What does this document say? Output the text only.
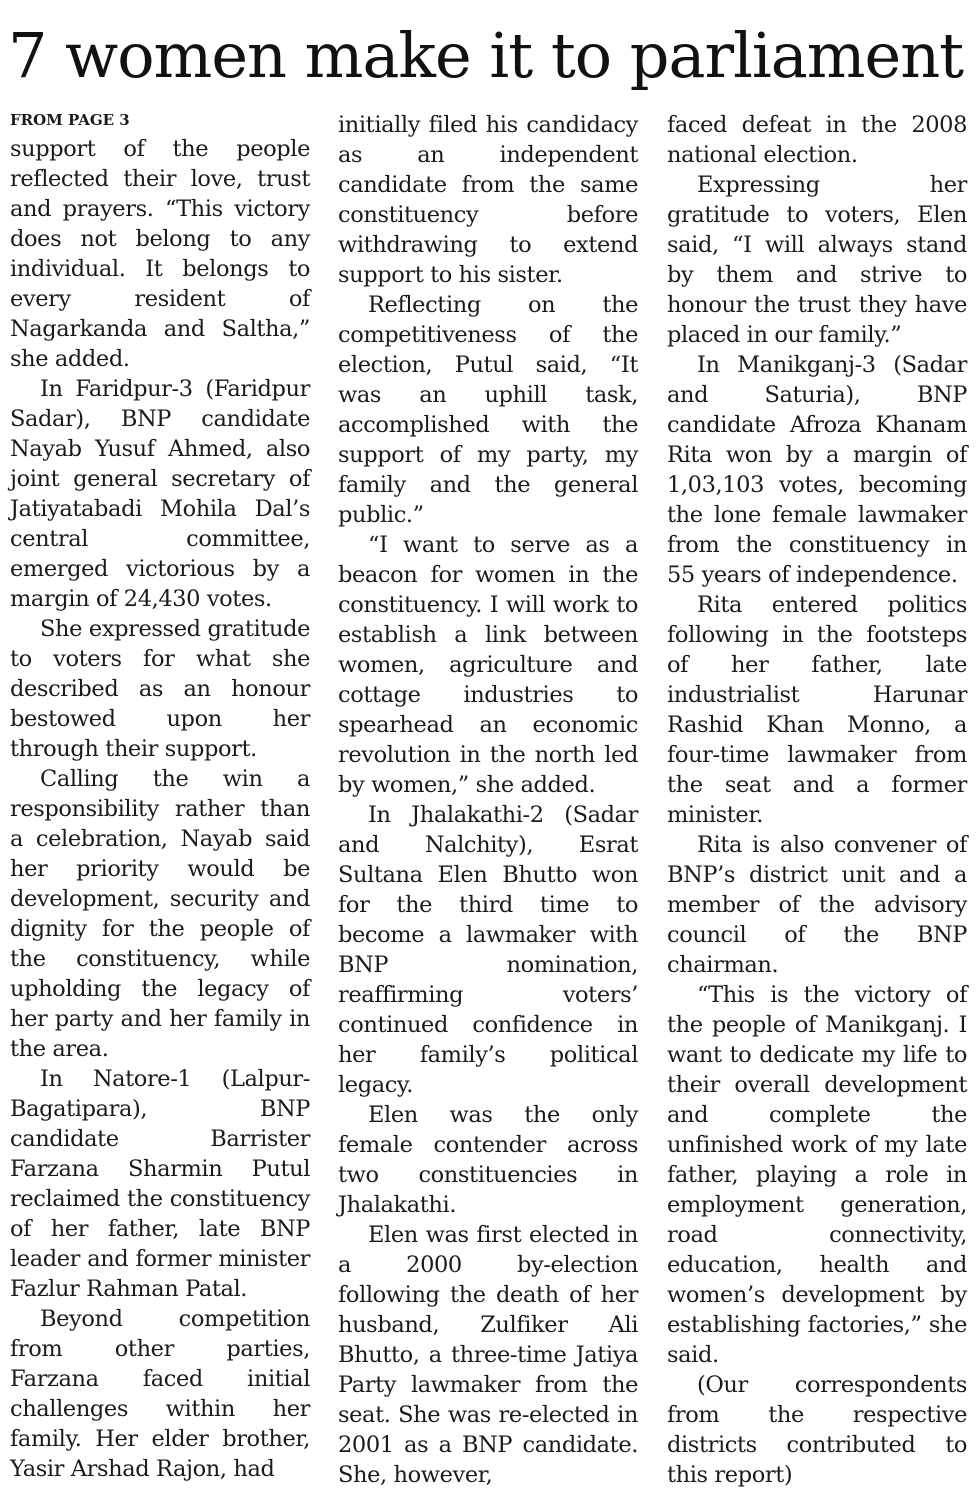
7 women make it to parliament
FROM PAGE 3

support of the people reflected their love, trust and prayers. “This victory does not belong to any individual. It belongs to every resident of Nagarkanda and Saltha,” she added.

In Faridpur-3 (Faridpur Sadar), BNP candidate Nayab Yusuf Ahmed, also joint general secretary of Jatiyatabadi Mohila Dal’s central committee, emerged victorious by a margin of 24,430 votes.

She expressed gratitude to voters for what she described as an honour bestowed upon her through their support.

Calling the win a responsibility rather than a celebration, Nayab said her priority would be development, security and dignity for the people of the constituency, while upholding the legacy of her party and her family in the area.

In Natore-1 (Lalpur-Bagatipara), BNP candidate Barrister Farzana Sharmin Putul reclaimed the constituency of her father, late BNP leader and former minister Fazlur Rahman Patal.

Beyond competition from other parties, Farzana faced initial challenges within her family. Her elder brother, Yasir Arshad Rajon, had

initially filed his candidacy as an independent candidate from the same constituency before withdrawing to extend support to his sister.

Reflecting on the competitiveness of the election, Putul said, “It was an uphill task, accomplished with the support of my party, my family and the general public.”

“I want to serve as a beacon for women in the constituency. I will work to establish a link between women, agriculture and cottage industries to spearhead an economic revolution in the north led by women,” she added.

In Jhalakathi-2 (Sadar and Nalchity), Esrat Sultana Elen Bhutto won for the third time to become a lawmaker with BNP nomination, reaffirming voters’ continued confidence in her family’s political legacy.

Elen was the only female contender across two constituencies in Jhalakathi.

Elen was first elected in a 2000 by-election following the death of her husband, Zulfiker Ali Bhutto, a three-time Jatiya Party lawmaker from the seat. She was re-elected in 2001 as a BNP candidate. She, however,

faced defeat in the 2008 national election.

Expressing her gratitude to voters, Elen said, “I will always stand by them and strive to honour the trust they have placed in our family.”

In Manikganj-3 (Sadar and Saturia), BNP candidate Afroza Khanam Rita won by a margin of 1,03,103 votes, becoming the lone female lawmaker from the constituency in 55 years of independence.

Rita entered politics following in the footsteps of her father, late industrialist Harunar Rashid Khan Monno, a four-time lawmaker from the seat and a former minister.

Rita is also convener of BNP’s district unit and a member of the advisory council of the BNP chairman.

“This is the victory of the people of Manikganj. I want to dedicate my life to their overall development and complete the unfinished work of my late father, playing a role in employment generation, road connectivity, education, health and women’s development by establishing factories,” she said.

(Our correspondents from the respective districts contributed to this report)
